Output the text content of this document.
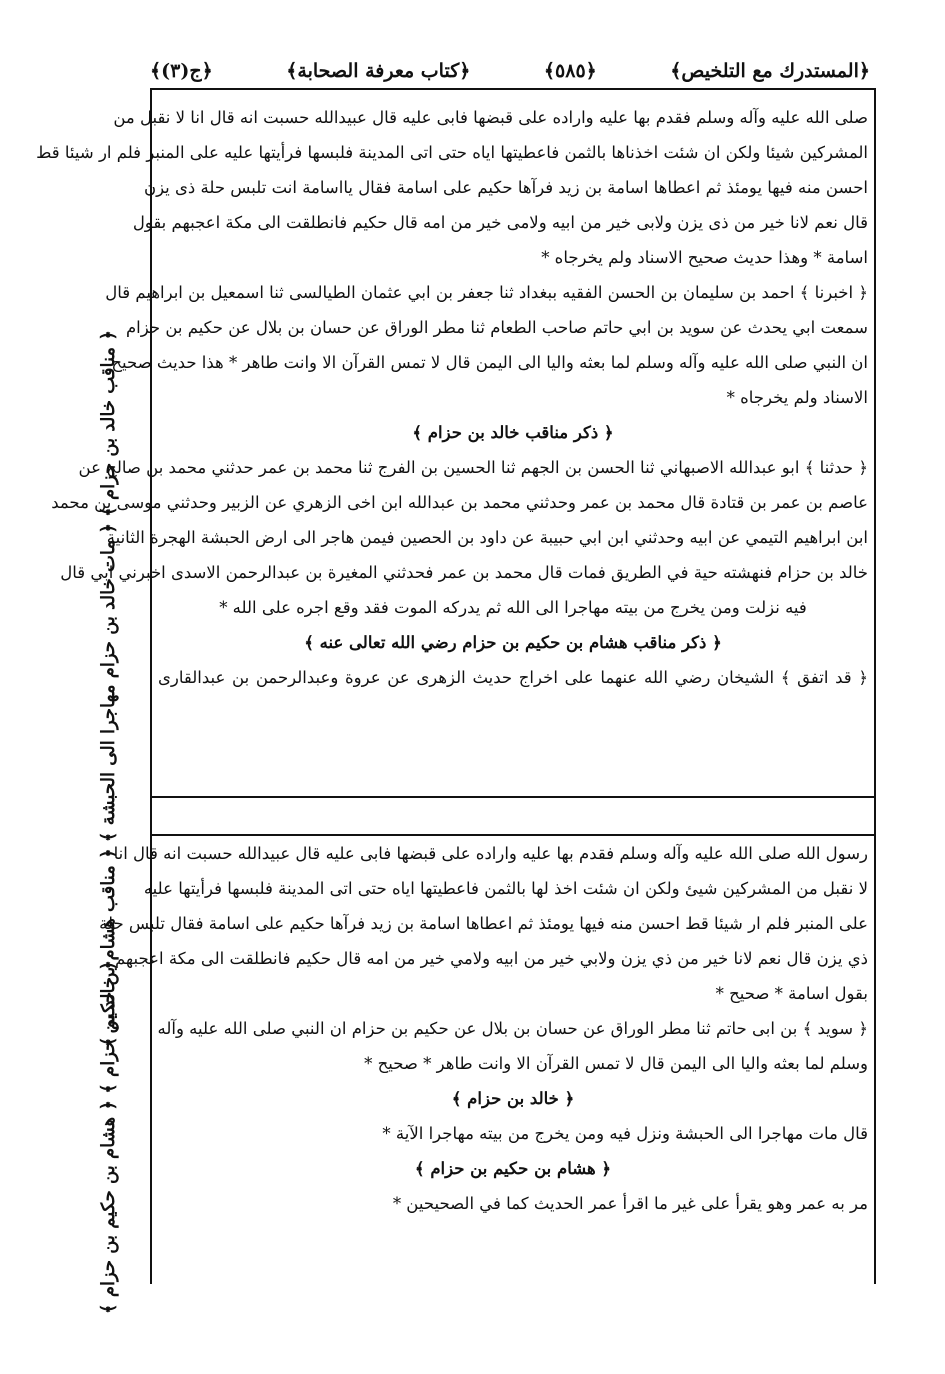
﴿المستدرك مع التلخيص﴾
﴿٥٨٥﴾
﴿كتاب معرفة الصحابة﴾
﴿ج(٣)﴾
﴿ مناقب خالد بن حزام ﴾ ﴿ مات خالد بن حزام مهاجرا الى الحبشة ﴾ ﴿ مناقب هشام بن حكيم ﴾
﴿ خالد بن حزام ﴾ ﴿ هشام بن حكيم بن حزام ﴾
صلى الله عليه وآله وسلم فقدم بها عليه واراده على قبضها فابى عليه قال عبيدالله حسبت انه قال انا لا نقبل من
المشركين شيئا ولكن ان شئت اخذناها بالثمن فاعطيتها اياه حتى اتى المدينة فلبسها فرأيتها عليه على المنبر فلم ار شيئا قط
احسن منه فيها يومئذ ثم اعطاها اسامة بن زيد فرآها حكيم على اسامة فقال يااسامة انت تلبس حلة ذى يزن
قال نعم لانا خير من ذى يزن ولابى خير من ابيه ولامى خير من امه قال حكيم فانطلقت الى مكة اعجبهم بقول
اسامة * وهذا حديث صحيح الاسناد ولم يخرجاه *
﴿ اخبرنا ﴾ احمد بن سليمان بن الحسن الفقيه ببغداد ثنا جعفر بن ابي عثمان الطيالسى ثنا اسمعيل بن ابراهيم قال
سمعت ابي يحدث عن سويد بن ابي حاتم صاحب الطعام ثنا مطر الوراق عن حسان بن بلال عن حكيم بن حزام
ان النبي صلى الله عليه وآله وسلم لما بعثه واليا الى اليمن قال لا تمس القرآن الا وانت طاهر * هذا حديث صحيح
الاسناد ولم يخرجاه *
﴿ ذكر مناقب خالد بن حزام ﴾
﴿ حدثنا ﴾ ابو عبدالله الاصبهاني ثنا الحسن بن الجهم ثنا الحسين بن الفرج ثنا محمد بن عمر حدثني محمد بن صالح عن
عاصم بن عمر بن قتادة قال محمد بن عمر وحدثني محمد بن عبدالله ابن اخى الزهري عن الزبير وحدثني موسى بن محمد
ابن ابراهيم التيمي عن ابيه وحدثني ابن ابي حبيبة عن داود بن الحصين فيمن هاجر الى ارض الحبشة الهجرة الثانية
خالد بن حزام فنهشته حية في الطريق فمات قال محمد بن عمر فحدثني المغيرة بن عبدالرحمن الاسدى اخبرني ابي قال
فيه نزلت ومن يخرج من بيته مهاجرا الى الله ثم يدركه الموت فقد وقع اجره على الله *
﴿ ذكر مناقب هشام بن حكيم بن حزام رضي الله تعالى عنه ﴾
﴿ قد اتفق ﴾ الشيخان رضي الله عنهما على اخراج حديث الزهرى عن عروة وعبدالرحمن بن عبدالقارى
رسول الله صلى الله عليه وآله وسلم فقدم بها عليه واراده على قبضها فابى عليه قال عبيدالله حسبت انه قال انا
لا نقبل من المشركين شيئ ولكن ان شئت اخذ لها بالثمن فاعطيتها اياه حتى اتى المدينة فلبسها فرأيتها عليه
على المنبر فلم ار شيئا قط احسن منه فيها يومئذ ثم اعطاها اسامة بن زيد فرآها حكيم على اسامة فقال تلبس حلة
ذي يزن قال نعم لانا خير من ذي يزن ولابي خير من ابيه ولامي خير من امه قال حكيم فانطلقت الى مكة اعجبهم
بقول اسامة * صحيح *
﴿ سويد ﴾ بن ابى حاتم ثنا مطر الوراق عن حسان بن بلال عن حكيم بن حزام ان النبي صلى الله عليه وآله
وسلم لما بعثه واليا الى اليمن قال لا تمس القرآن الا وانت طاهر * صحيح *
﴿ خالد بن حزام ﴾
قال مات مهاجرا الى الحبشة ونزل فيه ومن يخرج من بيته مهاجرا الآية *
﴿ هشام بن حكيم بن حزام ﴾
مر به عمر وهو يقرأ على غير ما اقرأ عمر الحديث كما في الصحيحين *
